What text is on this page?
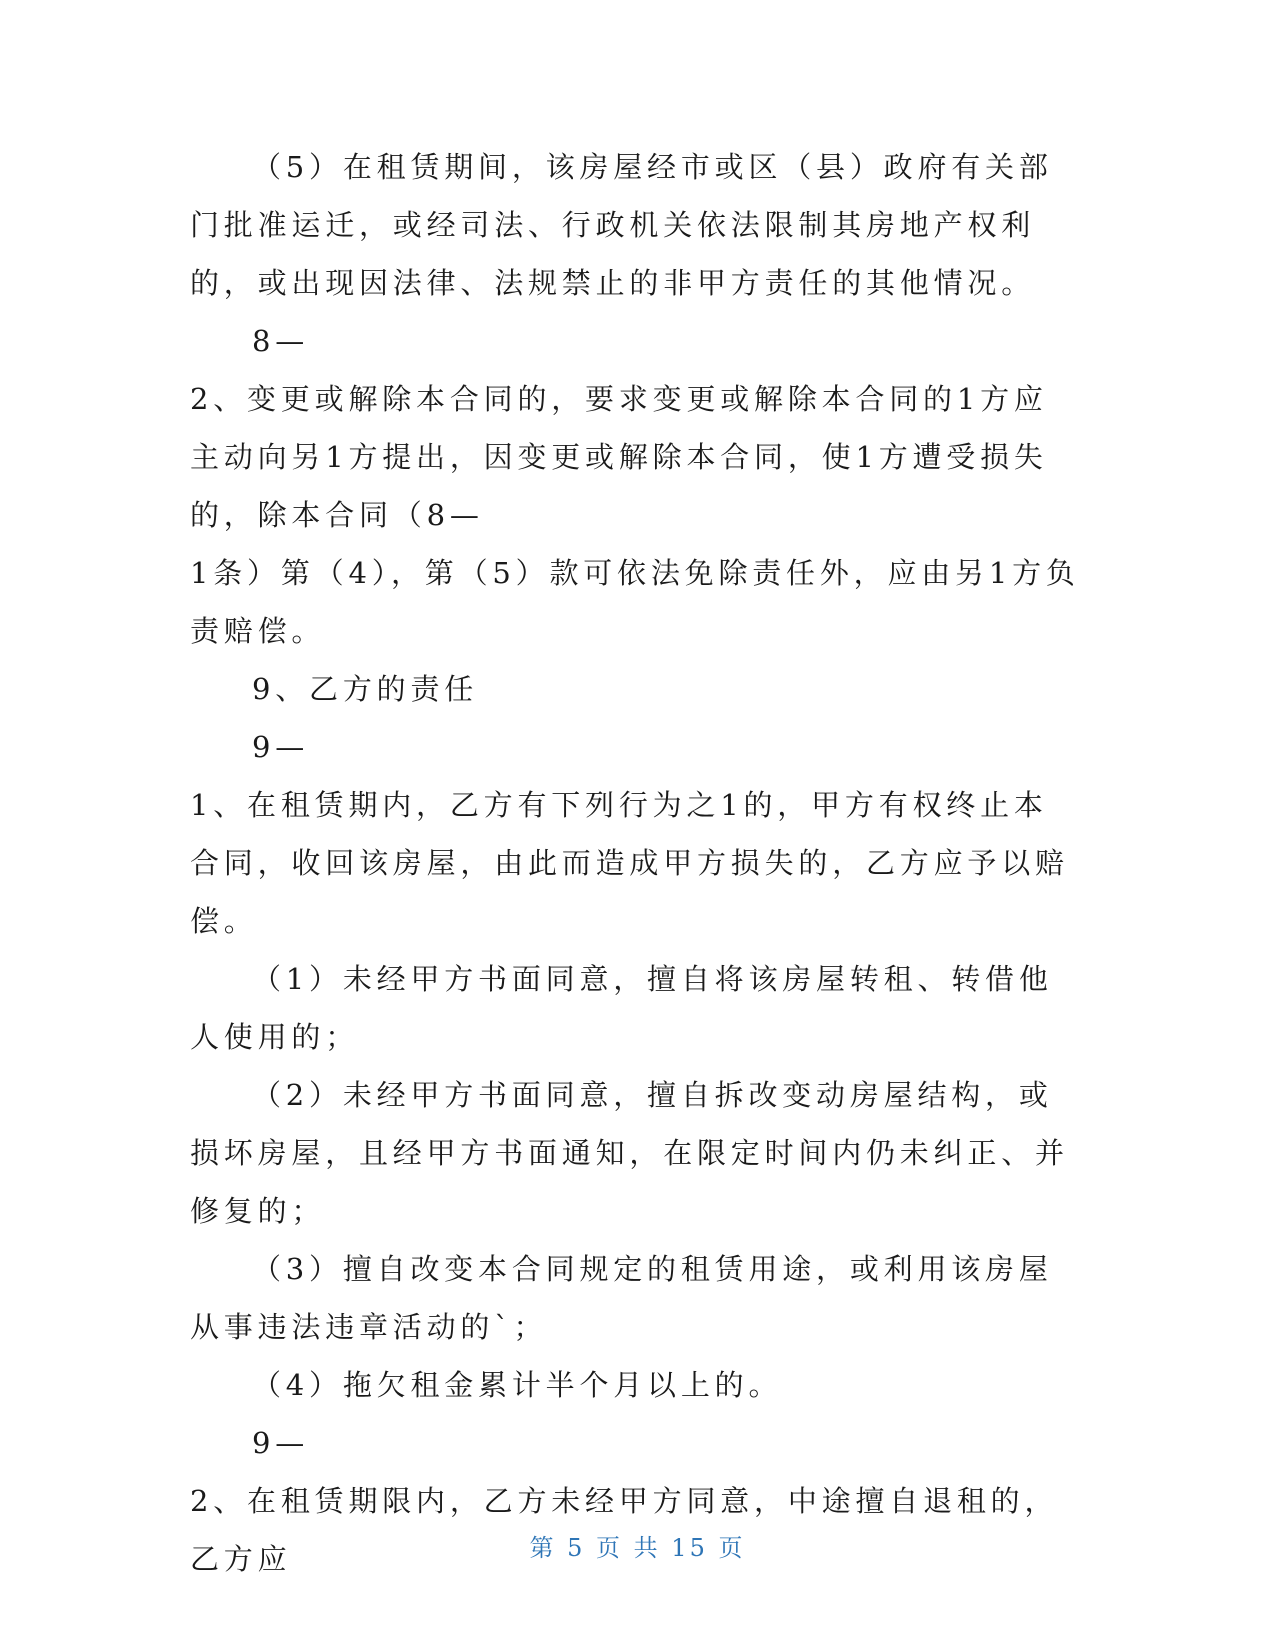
（5）在租赁期间，该房屋经市或区（县）政府有关部门批准运迁，或经司法、行政机关依法限制其房地产权利的，或出现因法律、法规禁止的非甲方责任的其他情况。

8—

2、变更或解除本合同的，要求变更或解除本合同的1方应主动向另1方提出，因变更或解除本合同，使1方遭受损失的，除本合同（8—

1条）第（4），第（5）款可依法免除责任外，应由另1方负责赔偿。

9、乙方的责任

9—

1、在租赁期内，乙方有下列行为之1的，甲方有权终止本合同，收回该房屋，由此而造成甲方损失的，乙方应予以赔偿。

（1）未经甲方书面同意，擅自将该房屋转租、转借他人使用的；

（2）未经甲方书面同意，擅自拆改变动房屋结构，或损坏房屋，且经甲方书面通知，在限定时间内仍未纠正、并修复的；

（3）擅自改变本合同规定的租赁用途，或利用该房屋从事违法违章活动的`；

（4）拖欠租金累计半个月以上的。

9—

2、在租赁期限内，乙方未经甲方同意，中途擅自退租的，乙方应	第 5 页 共 15 页
